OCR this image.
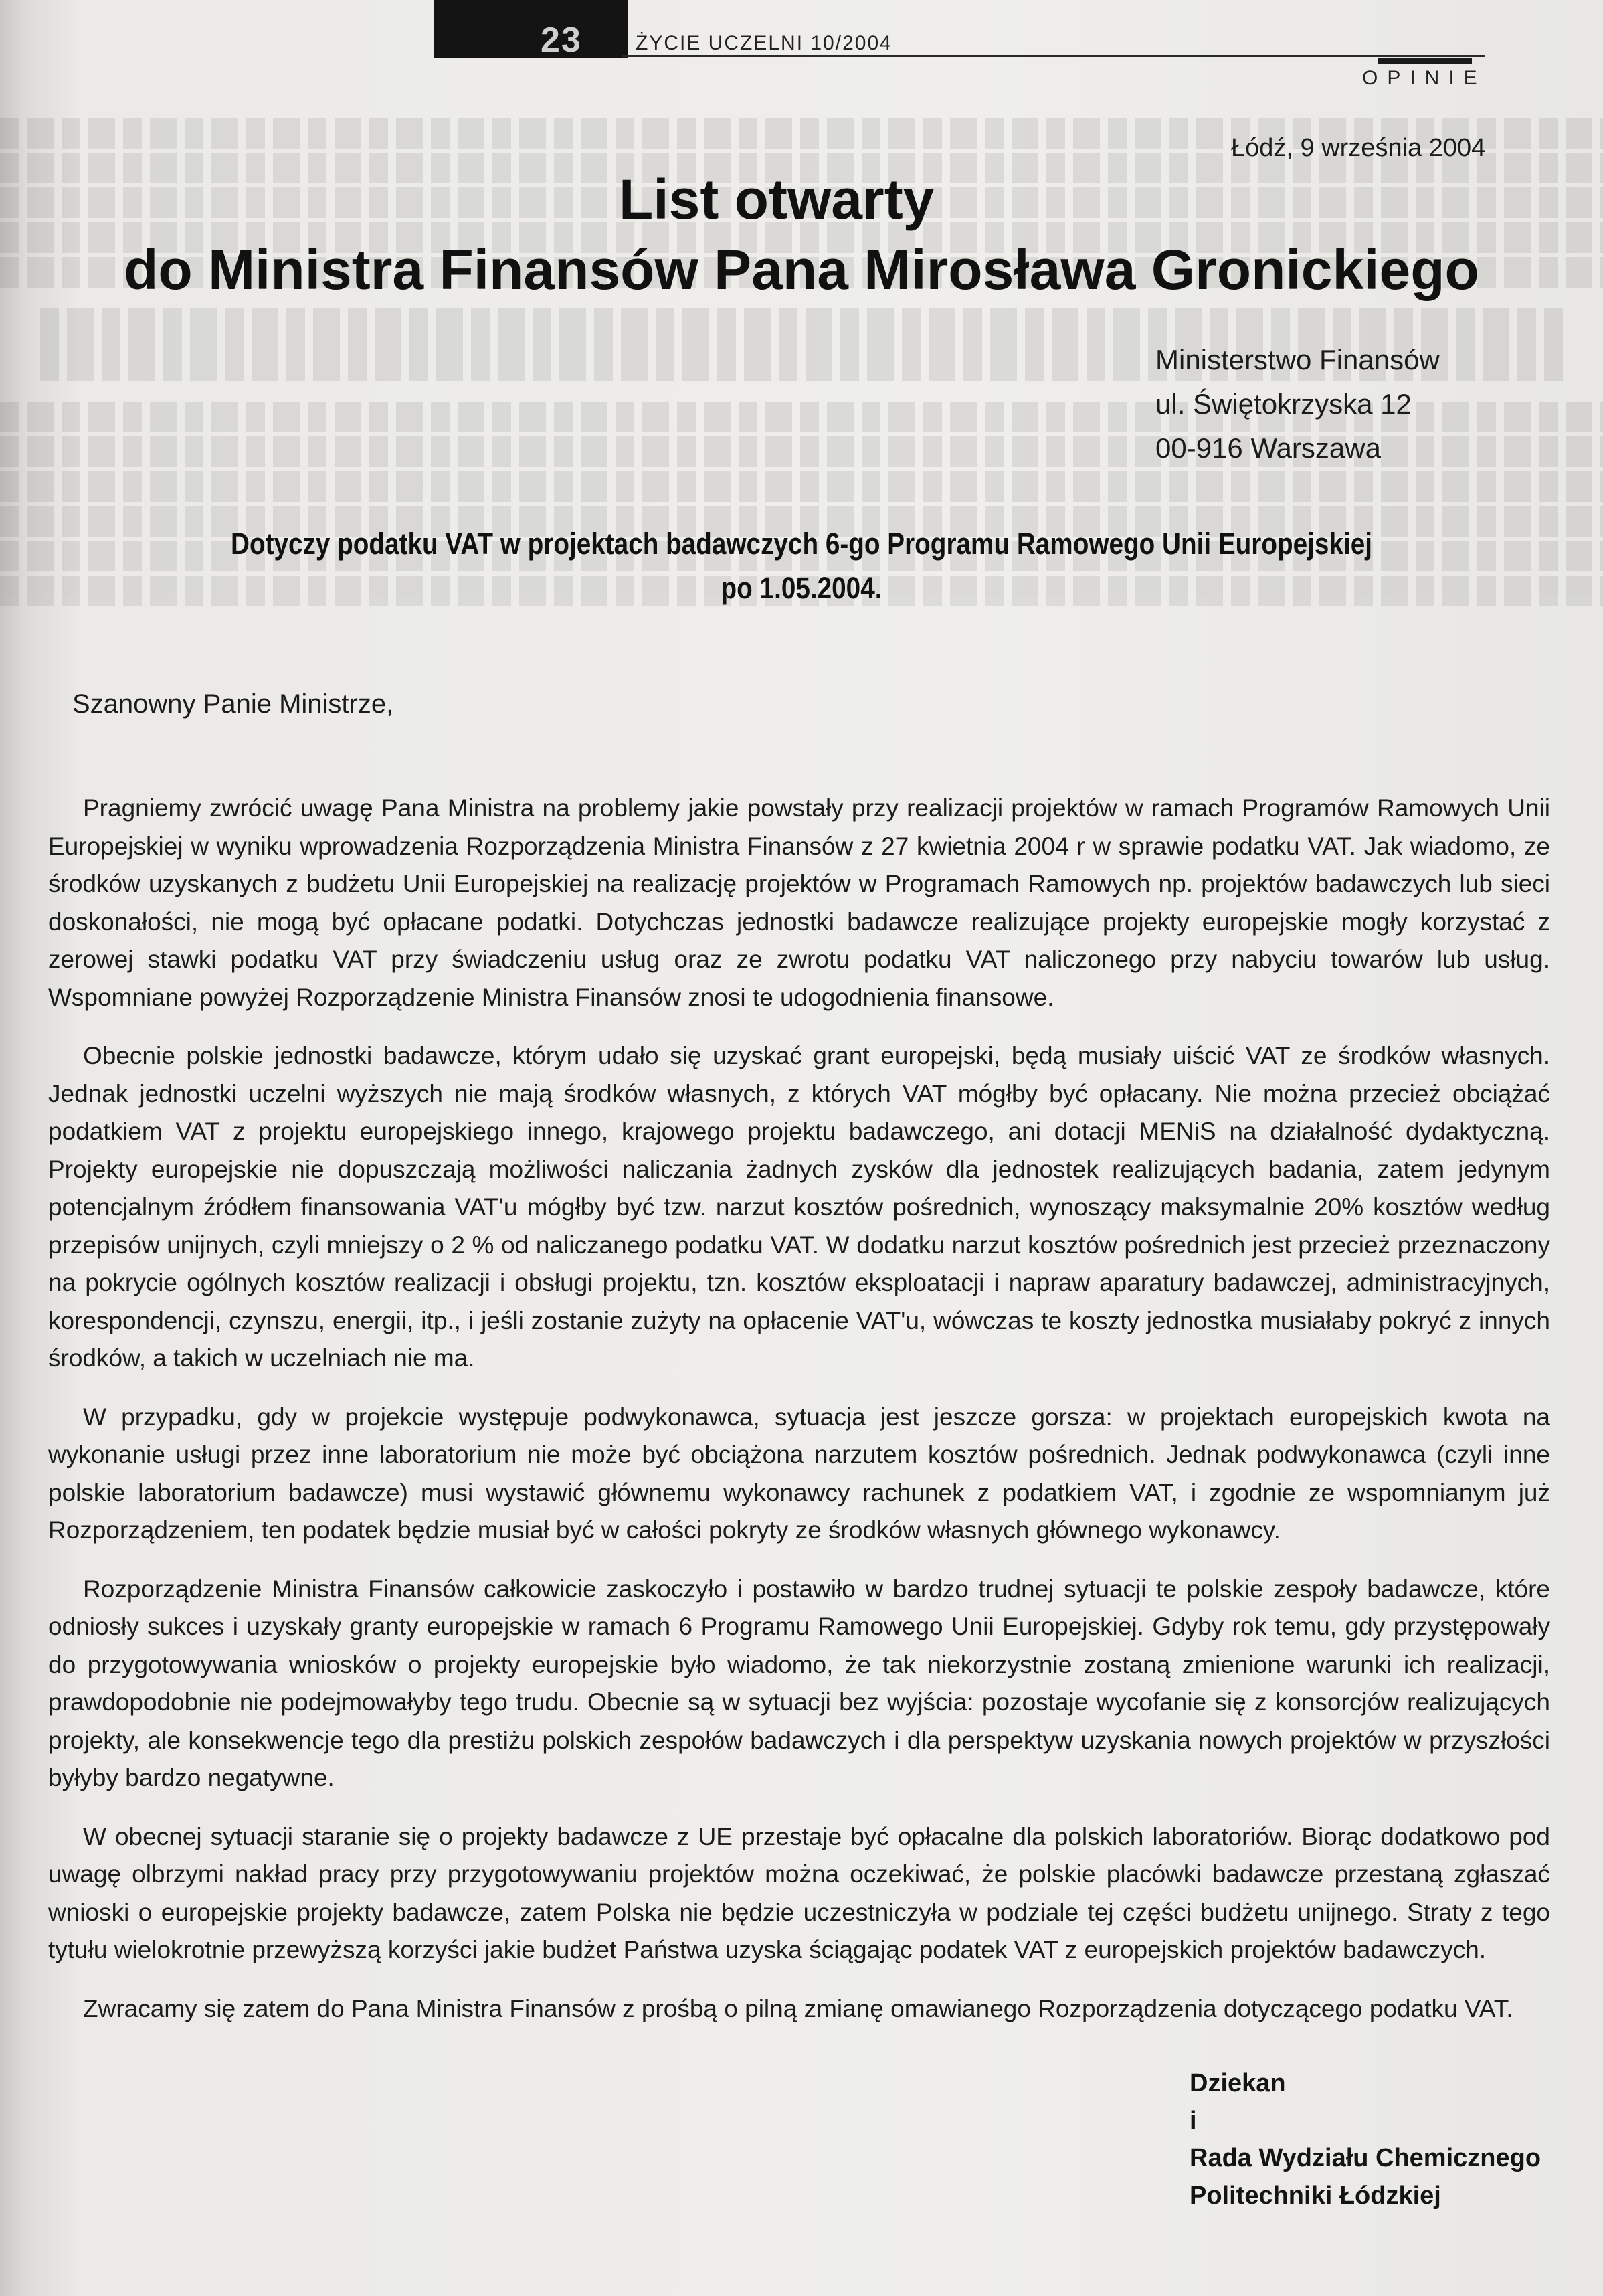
23	ŻYCIE UCZELNI 10/2004
OPINIE
Łódź, 9 września 2004
List otwarty
do Ministra Finansów Pana Mirosława Gronickiego
Ministerstwo Finansów
ul. Świętokrzyska 12
00-916 Warszawa
Dotyczy podatku VAT w projektach badawczych 6-go Programu Ramowego Unii Europejskiej
po 1.05.2004.
Szanowny Panie Ministrze,

Pragniemy zwrócić uwagę Pana Ministra na problemy jakie powstały przy realizacji projektów w ramach Programów Ramowych Unii Europejskiej w wyniku wprowadzenia Rozporządzenia Ministra Finansów z 27 kwietnia 2004 r w sprawie podatku VAT. Jak wiadomo, ze środków uzyskanych z budżetu Unii Europejskiej na realizację projektów w Programach Ramowych np. projektów badawczych lub sieci doskonałości, nie mogą być opłacane podatki. Dotychczas jednostki badawcze realizujące projekty europejskie mogły korzystać z zerowej stawki podatku VAT przy świadczeniu usług oraz ze zwrotu podatku VAT naliczonego przy nabyciu towarów lub usług. Wspomniane powyżej Rozporządzenie Ministra Finansów znosi te udogodnienia finansowe.

Obecnie polskie jednostki badawcze, którym udało się uzyskać grant europejski, będą musiały uiścić VAT ze środków własnych. Jednak jednostki uczelni wyższych nie mają środków własnych, z których VAT mógłby być opłacany. Nie można przecież obciążać podatkiem VAT z projektu europejskiego innego, krajowego projektu badawczego, ani dotacji MENiS na działalność dydaktyczną. Projekty europejskie nie dopuszczają możliwości naliczania żadnych zysków dla jednostek realizujących badania, zatem jedynym potencjalnym źródłem finansowania VAT'u mógłby być tzw. narzut kosztów pośrednich, wynoszący maksymalnie 20% kosztów według przepisów unijnych, czyli mniejszy o 2 % od naliczanego podatku VAT. W dodatku narzut kosztów pośrednich jest przecież przeznaczony na pokrycie ogólnych kosztów realizacji i obsługi projektu, tzn. kosztów eksploatacji i napraw aparatury badawczej, administracyjnych, korespondencji, czynszu, energii, itp., i jeśli zostanie zużyty na opłacenie VAT'u, wówczas te koszty jednostka musiałaby pokryć z innych środków, a takich w uczelniach nie ma.

W przypadku, gdy w projekcie występuje podwykonawca, sytuacja jest jeszcze gorsza: w projektach europejskich kwota na wykonanie usługi przez inne laboratorium nie może być obciążona narzutem kosztów pośrednich. Jednak podwykonawca (czyli inne polskie laboratorium badawcze) musi wystawić głównemu wykonawcy rachunek z podatkiem VAT, i zgodnie ze wspomnianym już Rozporządzeniem, ten podatek będzie musiał być w całości pokryty ze środków własnych głównego wykonawcy.

Rozporządzenie Ministra Finansów całkowicie zaskoczyło i postawiło w bardzo trudnej sytuacji te polskie zespoły badawcze, które odniosły sukces i uzyskały granty europejskie w ramach 6 Programu Ramowego Unii Europejskiej. Gdyby rok temu, gdy przystępowały do przygotowywania wniosków o projekty europejskie było wiadomo, że tak niekorzystnie zostaną zmienione warunki ich realizacji, prawdopodobnie nie podejmowałyby tego trudu. Obecnie są w sytuacji bez wyjścia: pozostaje wycofanie się z konsorcjów realizujących projekty, ale konsekwencje tego dla prestiżu polskich zespołów badawczych i dla perspektyw uzyskania nowych projektów w przyszłości byłyby bardzo negatywne.

W obecnej sytuacji staranie się o projekty badawcze z UE przestaje być opłacalne dla polskich laboratoriów. Biorąc dodatkowo pod uwagę olbrzymi nakład pracy przy przygotowywaniu projektów można oczekiwać, że polskie placówki badawcze przestaną zgłaszać wnioski o europejskie projekty badawcze, zatem Polska nie będzie uczestniczyła w podziale tej części budżetu unijnego. Straty z tego tytułu wielokrotnie przewyższą korzyści jakie budżet Państwa uzyska ściągając podatek VAT z europejskich projektów badawczych.

Zwracamy się zatem do Pana Ministra Finansów z prośbą o pilną zmianę omawianego Rozporządzenia dotyczącego podatku VAT.

Dziekan
i
Rada Wydziału Chemicznego
Politechniki Łódzkiej
